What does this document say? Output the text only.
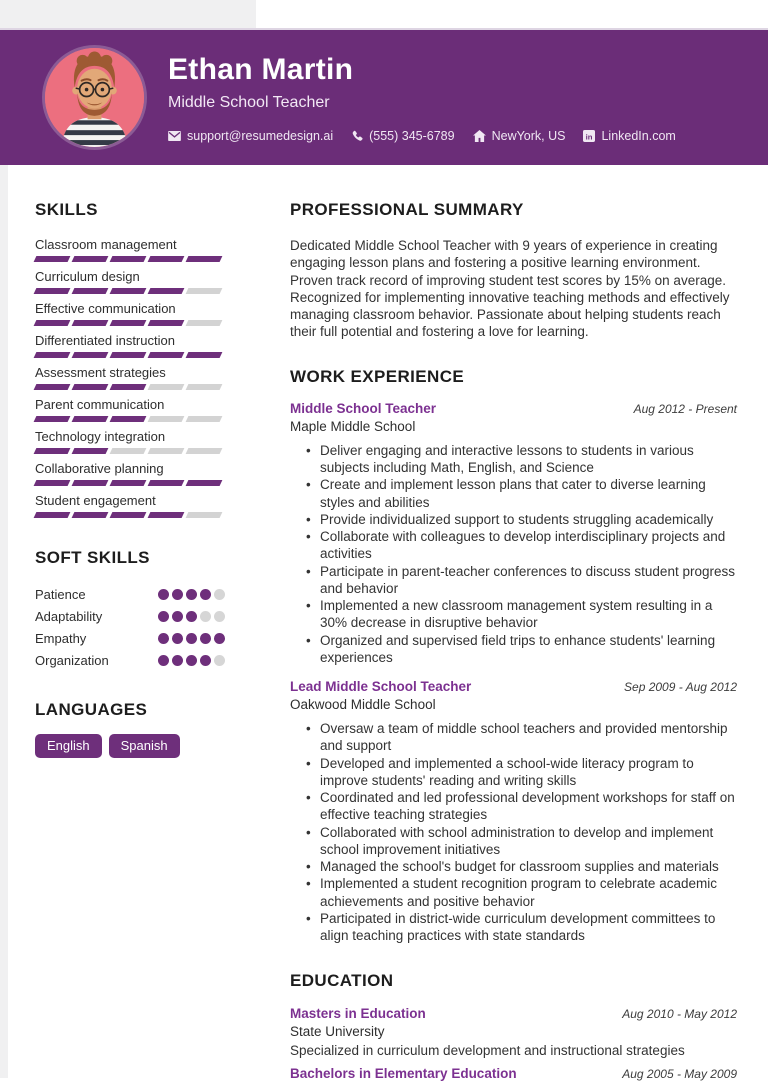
Ethan Martin
Middle School Teacher
support@resumedesign.ai	(555) 345-6789	NewYork, US in LinkedIn.com
SKILLS
Classroom management
Curriculum design
Effective communication
Differentiated instruction
Assessment strategies
Parent communication
Technology integration
Collaborative planning
Student engagement
SOFT SKILLS
Patience
Adaptability
Empathy
Organization
LANGUAGES
English	Spanish
PROFESSIONAL SUMMARY

Dedicated Middle School Teacher with 9 years of experience in creating engaging lesson plans and fostering a positive learning environment. Proven track record of improving student test scores by 15% on average. Recognized for implementing innovative teaching methods and effectively managing classroom behavior. Passionate about helping students reach their full potential and fostering a love for learning.

WORK EXPERIENCE
Middle School Teacher	Aug 2012 - Present
Maple Middle School
• Deliver engaging and interactive lessons to students in various subjects including Math, English, and Science
• Create and implement lesson plans that cater to diverse learning styles and abilities
• Provide individualized support to students struggling academically
• Collaborate with colleagues to develop interdisciplinary projects and activities
• Participate in parent-teacher conferences to discuss student progress and behavior
• Implemented a new classroom management system resulting in a 30% decrease in disruptive behavior
• Organized and supervised field trips to enhance students' learning experiences
Lead Middle School Teacher	Sep 2009 - Aug 2012
Oakwood Middle School
• Oversaw a team of middle school teachers and provided mentorship and support
• Developed and implemented a school-wide literacy program to improve students' reading and writing skills
• Coordinated and led professional development workshops for staff on effective teaching strategies
• Collaborated with school administration to develop and implement school improvement initiatives
• Managed the school's budget for classroom supplies and materials
• Implemented a student recognition program to celebrate academic achievements and positive behavior
• Participated in district-wide curriculum development committees to align teaching practices with state standards
EDUCATION
Masters in Education	Aug 2010 - May 2012
State University
Specialized in curriculum development and instructional strategies
Bachelors in Elementary Education	Aug 2005 - May 2009
